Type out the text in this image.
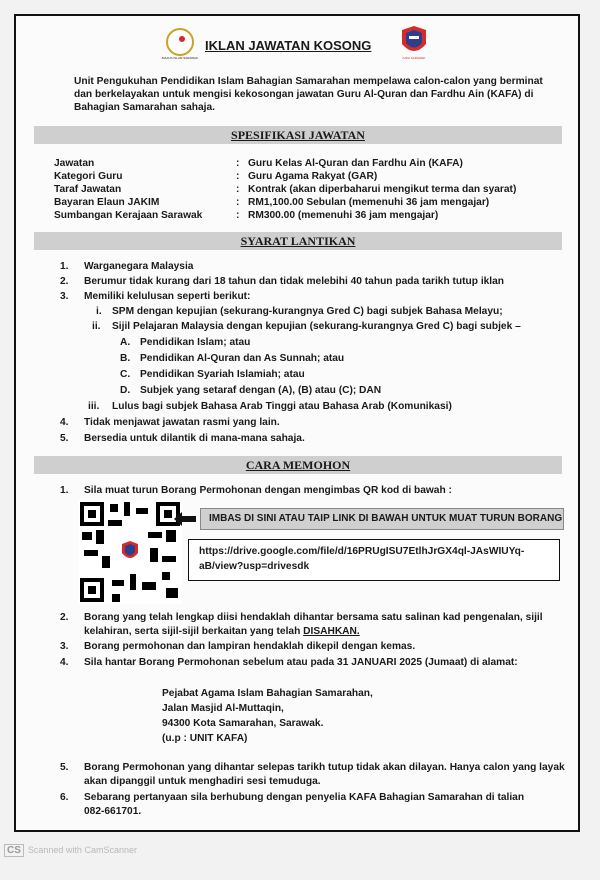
MAJLIS ISLAM SARAWAK
IKLAN JAWATAN KOSONG
KAFA SARAWAK
Unit Pengukuhan Pendidikan Islam Bahagian Samarahan mempelawa calon-calon yang berminat
dan berkelayakan untuk mengisi kekosongan jawatan Guru Al-Quran dan Fardhu Ain (KAFA) di
Bahagian Samarahan sahaja.
SPESIFIKASI JAWATAN
Jawatan	: Guru Kelas Al-Quran dan Fardhu Ain (KAFA)
Kategori Guru	: Guru Agama Rakyat (GAR)
Taraf Jawatan	: Kontrak (akan diperbaharui mengikut terma dan syarat)
Bayaran Elaun JAKIM	: RM1,100.00 Sebulan (memenuhi 36 jam mengajar)
Sumbangan Kerajaan Sarawak	: RM300.00 (memenuhi 36 jam mengajar)
SYARAT LANTIKAN
1. Warganegara Malaysia
2. Berumur tidak kurang dari 18 tahun dan tidak melebihi 40 tahun pada tarikh tutup iklan
3. Memiliki kelulusan seperti berikut:
i. SPM dengan kepujian (sekurang-kurangnya Gred C) bagi subjek Bahasa Melayu;
ii. Sijil Pelajaran Malaysia dengan kepujian (sekurang-kurangnya Gred C) bagi subjek –
A. Pendidikan Islam; atau
B. Pendidikan Al-Quran dan As Sunnah; atau
C. Pendidikan Syariah Islamiah; atau
D. Subjek yang setaraf dengan (A), (B) atau (C); DAN
iii. Lulus bagi subjek Bahasa Arab Tinggi atau Bahasa Arab (Komunikasi)
4. Tidak menjawat jawatan rasmi yang lain.
5. Bersedia untuk dilantik di mana-mana sahaja.
CARA MEMOHON
1. Sila muat turun Borang Permohonan dengan mengimbas QR kod di bawah :
IMBAS DI SINI ATAU TAIP LINK DI BAWAH UNTUK MUAT TURUN BORANG
https://drive.google.com/file/d/16PRUgISU7EtlhJrGX4ql-JAsWIUYq-
aB/view?usp=drivesdk
2. Borang yang telah lengkap diisi hendaklah dihantar bersama satu salinan kad pengenalan, sijil
kelahiran, serta sijil-sijil berkaitan yang telah DISAHKAN.
3. Borang permohonan dan lampiran hendaklah dikepil dengan kemas.
4. Sila hantar Borang Permohonan sebelum atau pada 31 JANUARI 2025 (Jumaat) di alamat:
Pejabat Agama Islam Bahagian Samarahan,
Jalan Masjid Al-Muttaqin,
94300 Kota Samarahan, Sarawak.
(u.p : UNIT KAFA)
5. Borang Permohonan yang dihantar selepas tarikh tutup tidak akan dilayan. Hanya calon yang layak
akan dipanggil untuk menghadiri sesi temuduga.
6. Sebarang pertanyaan sila berhubung dengan penyelia KAFA Bahagian Samarahan di talian
082-661701.
CS Scanned with CamScanner
